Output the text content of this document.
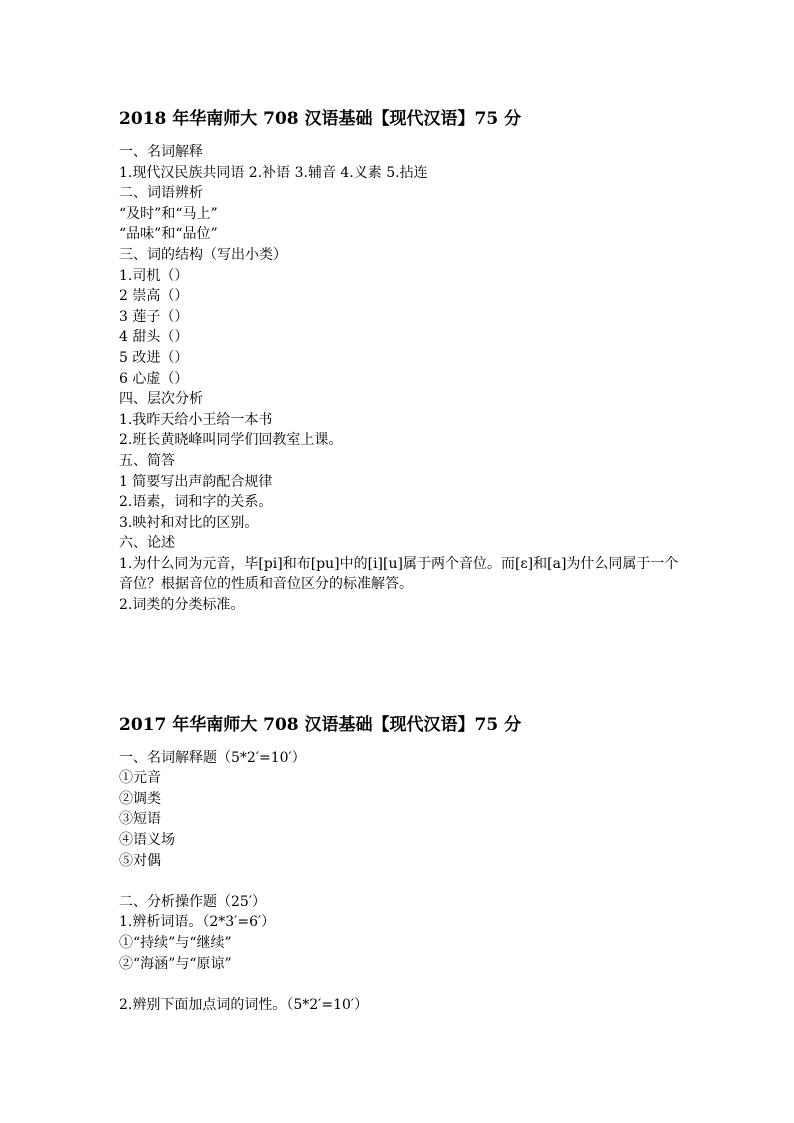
2018 年华南师大 708 汉语基础【现代汉语】75 分

一、名词解释

1.现代汉民族共同语 2.补语 3.辅音 4.义素 5.拈连

二、词语辨析

“及时”和“马上”

“品味”和“品位”

三、词的结构（写出小类）

1.司机（）

2 崇高（）

3 莲子（）

4 甜头（）

5 改进（）

6 心虚（）

四、层次分析

1.我昨天给小王给一本书

2.班长黄晓峰叫同学们回教室上课。

五、简答

1 简要写出声韵配合规律

2.语素，词和字的关系。

3.映衬和对比的区别。

六、论述

1.为什么同为元音，毕[pi]和布[pu]中的[i][u]属于两个音位。而[ɛ]和[a]为什么同属于一个音位？根据音位的性质和音位区分的标准解答。

2.词类的分类标准。

2017 年华南师大 708 汉语基础【现代汉语】75 分

一、名词解释题（5*2′=10′）

①元音

②调类

③短语

④语义场

⑤对偶

二、分析操作题（25′）

1.辨析词语。（2*3′=6′）

①“持续”与“继续”

②“海涵”与“原谅”

2.辨别下面加点词的词性。（5*2′=10′）
